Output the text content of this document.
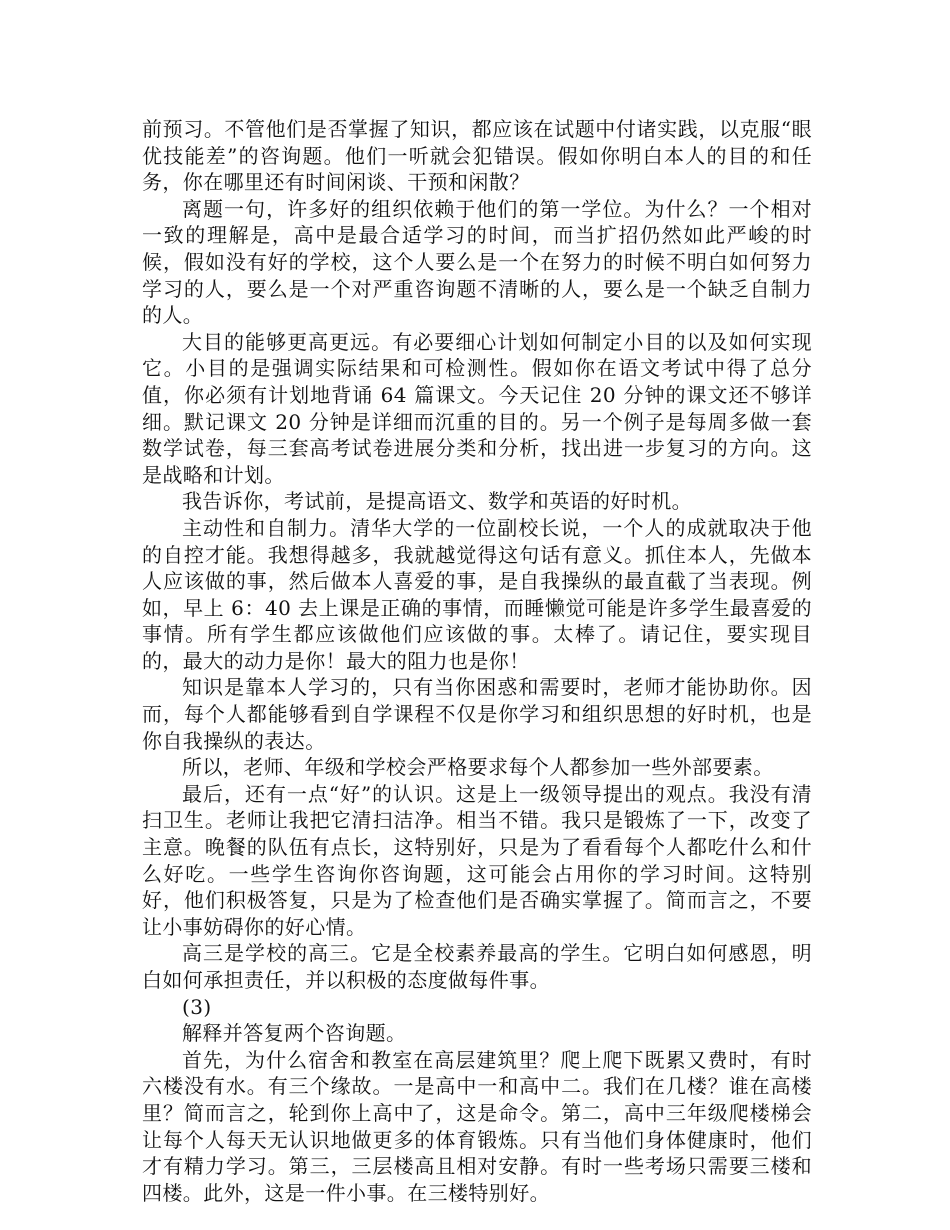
前预习。不管他们是否掌握了知识，都应该在试题中付诸实践，以克服“眼优技能差”的咨询题。他们一听就会犯错误。假如你明白本人的目的和任务，你在哪里还有时间闲谈、干预和闲散？

离题一句，许多好的组织依赖于他们的第一学位。为什么？一个相对一致的理解是，高中是最合适学习的时间，而当扩招仍然如此严峻的时候，假如没有好的学校，这个人要么是一个在努力的时候不明白如何努力学习的人，要么是一个对严重咨询题不清晰的人，要么是一个缺乏自制力的人。

大目的能够更高更远。有必要细心计划如何制定小目的以及如何实现它。小目的是强调实际结果和可检测性。假如你在语文考试中得了总分值，你必须有计划地背诵 64 篇课文。今天记住 20 分钟的课文还不够详细。默记课文 20 分钟是详细而沉重的目的。另一个例子是每周多做一套数学试卷，每三套高考试卷进展分类和分析，找出进一步复习的方向。这是战略和计划。

我告诉你，考试前，是提高语文、数学和英语的好时机。

主动性和自制力。清华大学的一位副校长说，一个人的成就取决于他的自控才能。我想得越多，我就越觉得这句话有意义。抓住本人，先做本人应该做的事，然后做本人喜爱的事，是自我操纵的最直截了当表现。例如，早上 6：40 去上课是正确的事情，而睡懒觉可能是许多学生最喜爱的事情。所有学生都应该做他们应该做的事。太棒了。请记住，要实现目的，最大的动力是你！最大的阻力也是你！

知识是靠本人学习的，只有当你困惑和需要时，老师才能协助你。因而，每个人都能够看到自学课程不仅是你学习和组织思想的好时机，也是你自我操纵的表达。

所以，老师、年级和学校会严格要求每个人都参加一些外部要素。

最后，还有一点“好”的认识。这是上一级领导提出的观点。我没有清扫卫生。老师让我把它清扫洁净。相当不错。我只是锻炼了一下，改变了主意。晚餐的队伍有点长，这特别好，只是为了看看每个人都吃什么和什么好吃。一些学生咨询你咨询题，这可能会占用你的学习时间。这特别好，他们积极答复，只是为了检查他们是否确实掌握了。简而言之，不要让小事妨碍你的好心情。

高三是学校的高三。它是全校素养最高的学生。它明白如何感恩，明白如何承担责任，并以积极的态度做每件事。

(3)

解释并答复两个咨询题。

首先，为什么宿舍和教室在高层建筑里？爬上爬下既累又费时，有时六楼没有水。有三个缘故。一是高中一和高中二。我们在几楼？谁在高楼里？简而言之，轮到你上高中了，这是命令。第二，高中三年级爬楼梯会让每个人每天无认识地做更多的体育锻炼。只有当他们身体健康时，他们才有精力学习。第三，三层楼高且相对安静。有时一些考场只需要三楼和四楼。此外，这是一件小事。在三楼特别好。
